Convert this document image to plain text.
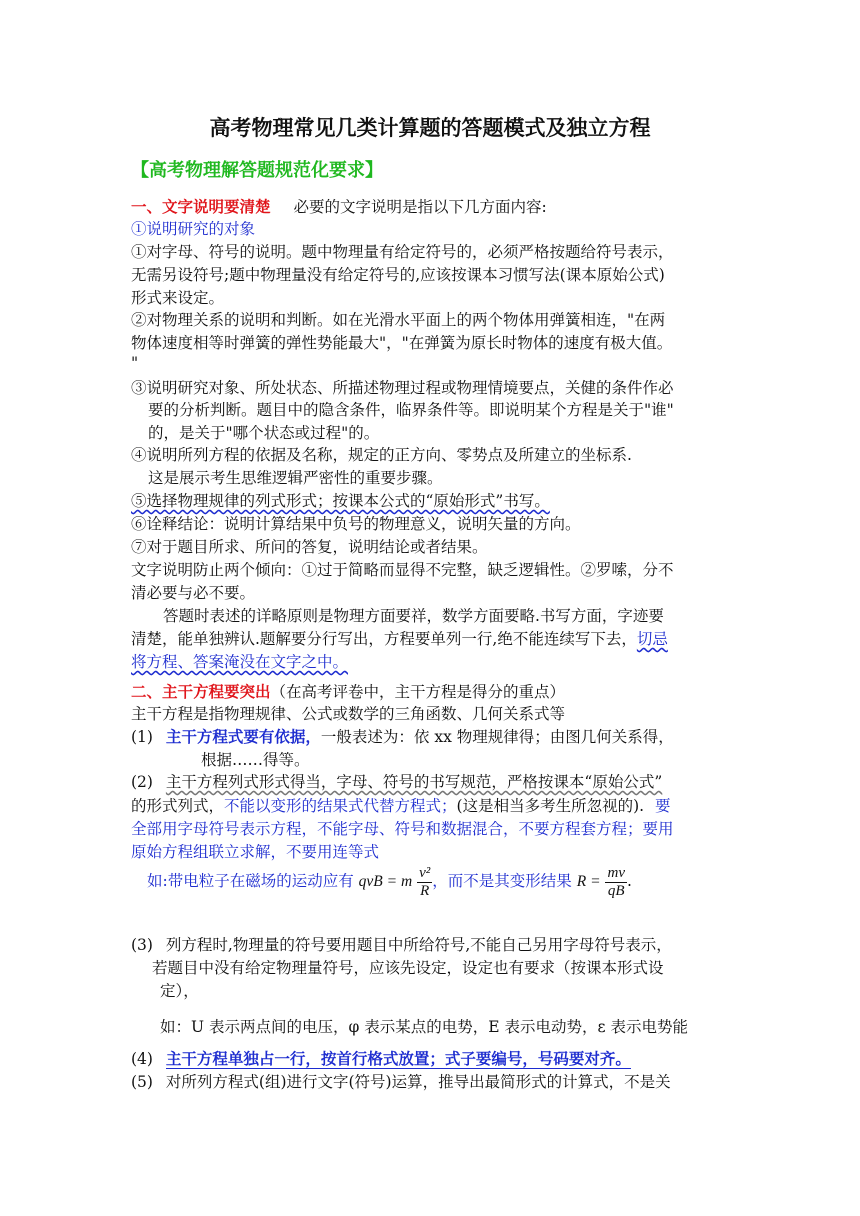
高考物理常见几类计算题的答题模式及独立方程
【高考物理解答题规范化要求】
一、文字说明要清楚 必要的文字说明是指以下几方面内容:
①说明研究的对象
①对字母、符号的说明。题中物理量有给定符号的，必须严格按题给符号表示，
无需另设符号;题中物理量没有给定符号的,应该按课本习惯写法(课本原始公式)
形式来设定。
②对物理关系的说明和判断。如在光滑水平面上的两个物体用弹簧相连，"在两
物体速度相等时弹簧的弹性势能最大"，"在弹簧为原长时物体的速度有极大值。
"
③说明研究对象、所处状态、所描述物理过程或物理情境要点，关健的条件作必
要的分析判断。题目中的隐含条件，临界条件等。即说明某个方程是关于"谁"
的，是关于"哪个状态或过程"的。
④说明所列方程的依据及名称，规定的正方向、零势点及所建立的坐标系.
这是展示考生思维逻辑严密性的重要步骤。
⑤选择物理规律的列式形式；按课本公式的“原始形式”书写。
⑥诠释结论：说明计算结果中负号的物理意义，说明矢量的方向。
⑦对于题目所求、所问的答复，说明结论或者结果。
文字说明防止两个倾向：①过于简略而显得不完整，缺乏逻辑性。②罗嗦，分不
清必要与必不要。
答题时表述的详略原则是物理方面要祥，数学方面要略.书写方面，字迹要
清楚，能单独辨认.题解要分行写出，方程要单列一行,绝不能连续写下去，切忌
将方程、答案淹没在文字之中。
二、主干方程要突出（在高考评卷中，主干方程是得分的重点）
主干方程是指物理规律、公式或数学的三角函数、几何关系式等
(1) 主干方程式要有依据，一般表述为：依 xx 物理规律得；由图几何关系得，
根据……得等。
(2) 主干方程列式形式得当，字母、符号的书写规范，严格按课本“原始公式”
的形式列式，不能以变形的结果式代替方程式；(这是相当多考生所忽视的). 要
全部用字母符号表示方程，不能字母、符号和数据混合，不要方程套方程；要用
原始方程组联立求解，不要用连等式
如:带电粒子在磁场的运动应有 qvB = m $\frac{\text{v²}}{R}$ ，而不是其变形结果 $R = \frac{mv}{qB}$ .
(3) 列方程时,物理量的符号要用题目中所给符号,不能自己另用字母符号表示，
若题目中没有给定物理量符号，应该先设定，设定也有要求（按课本形式设
定），
如：U 表示两点间的电压，φ 表示某点的电势，E 表示电动势，ε 表示电势能
(4) 主干方程单独占一行，按首行格式放置；式子要编号，号码要对齐。
(5) 对所列方程式(组)进行文字(符号)运算，推导出最简形式的计算式，不是关
